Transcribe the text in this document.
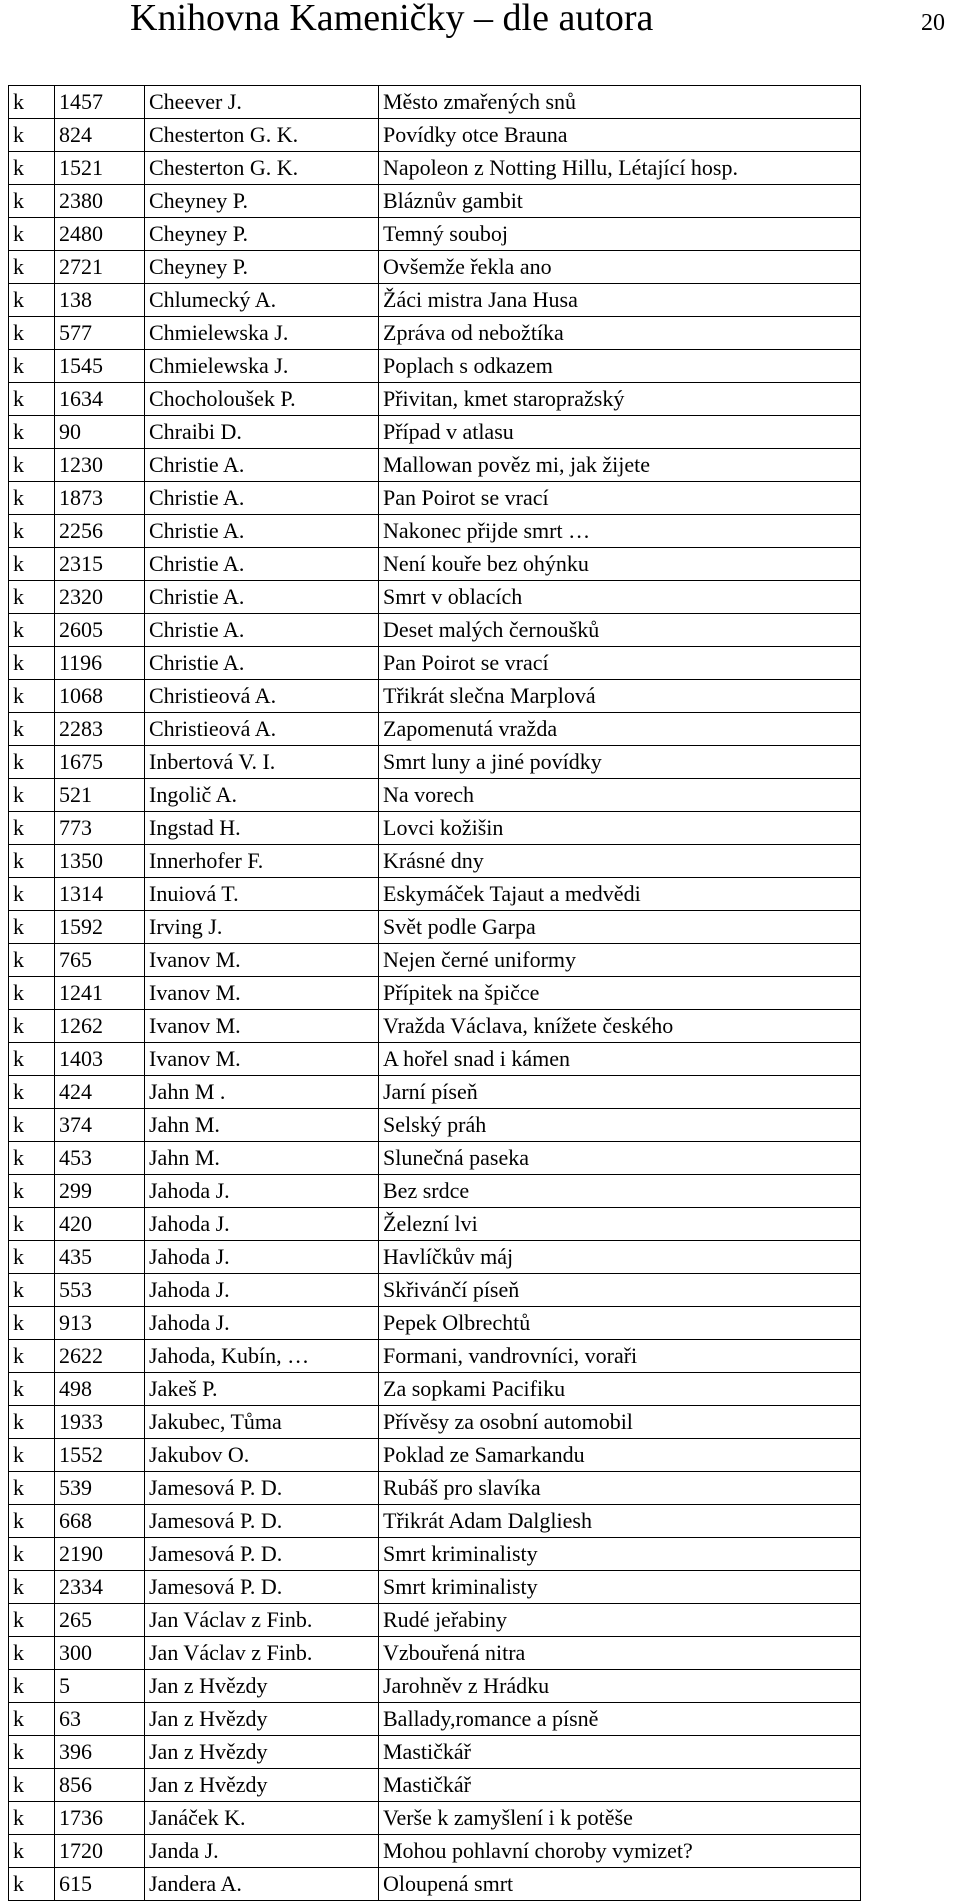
Knihovna Kameničky – dle autora	20
k	1457	Cheever J.	Město zmařených snů
k	824	Chesterton G. K.	Povídky otce Brauna
k	1521	Chesterton G. K.	Napoleon z Notting Hillu, Létající hosp.
k	2380	Cheyney P.	Bláznův gambit
k	2480	Cheyney P.	Temný souboj
k	2721	Cheyney P.	Ovšemže řekla ano
k	138	Chlumecký A.	Žáci mistra Jana Husa
k	577	Chmielewska J.	Zpráva od nebožtíka
k	1545	Chmielewska J.	Poplach s odkazem
k	1634	Chocholoušek P.	Přivitan, kmet staropražský
k	90	Chraibi D.	Případ v atlasu
k	1230	Christie A.	Mallowan pověz mi, jak žijete
k	1873	Christie A.	Pan Poirot se vrací
k	2256	Christie A.	Nakonec přijde smrt …
k	2315	Christie A.	Není kouře bez ohýnku
k	2320	Christie A.	Smrt v oblacích
k	2605	Christie A.	Deset malých černoušků
k	1196	Christie A.	Pan Poirot se vrací
k	1068	Christieová A.	Třikrát slečna Marplová
k	2283	Christieová A.	Zapomenutá vražda
k	1675	Inbertová V. I.	Smrt luny a jiné povídky
k	521	Ingolič A.	Na vorech
k	773	Ingstad H.	Lovci kožišin
k	1350	Innerhofer F.	Krásné dny
k	1314	Inuiová T.	Eskymáček Tajaut a medvědi
k	1592	Irving J.	Svět podle Garpa
k	765	Ivanov M.	Nejen černé uniformy
k	1241	Ivanov M.	Přípitek na špičce
k	1262	Ivanov M.	Vražda Václava, knížete českého
k	1403	Ivanov M.	A hořel snad i kámen
k	424	Jahn M .	Jarní píseň
k	374	Jahn M.	Selský práh
k	453	Jahn M.	Slunečná paseka
k	299	Jahoda J.	Bez srdce
k	420	Jahoda J.	Železní lvi
k	435	Jahoda J.	Havlíčkův máj
k	553	Jahoda J.	Skřivánčí píseň
k	913	Jahoda J.	Pepek Olbrechtů
k	2622	Jahoda, Kubín, …	Formani, vandrovníci, voraři
k	498	Jakeš P.	Za sopkami Pacifiku
k	1933	Jakubec, Tůma	Přívěsy za osobní automobil
k	1552	Jakubov O.	Poklad ze Samarkandu
k	539	Jamesová P. D.	Rubáš pro slavíka
k	668	Jamesová P. D.	Třikrát Adam Dalgliesh
k	2190	Jamesová P. D.	Smrt kriminalisty
k	2334	Jamesová P. D.	Smrt kriminalisty
k	265	Jan Václav z Finb.	Rudé jeřabiny
k	300	Jan Václav z Finb.	Vzbouřená nitra
k	5	Jan z Hvězdy	Jarohněv z Hrádku
k	63	Jan z Hvězdy	Ballady,romance a písně
k	396	Jan z Hvězdy	Mastičkář
k	856	Jan z Hvězdy	Mastičkář
k	1736	Janáček K.	Verše k zamyšlení i k potěše
k	1720	Janda J.	Mohou pohlavní choroby vymizet?
k	615	Jandera A.	Oloupená smrt
